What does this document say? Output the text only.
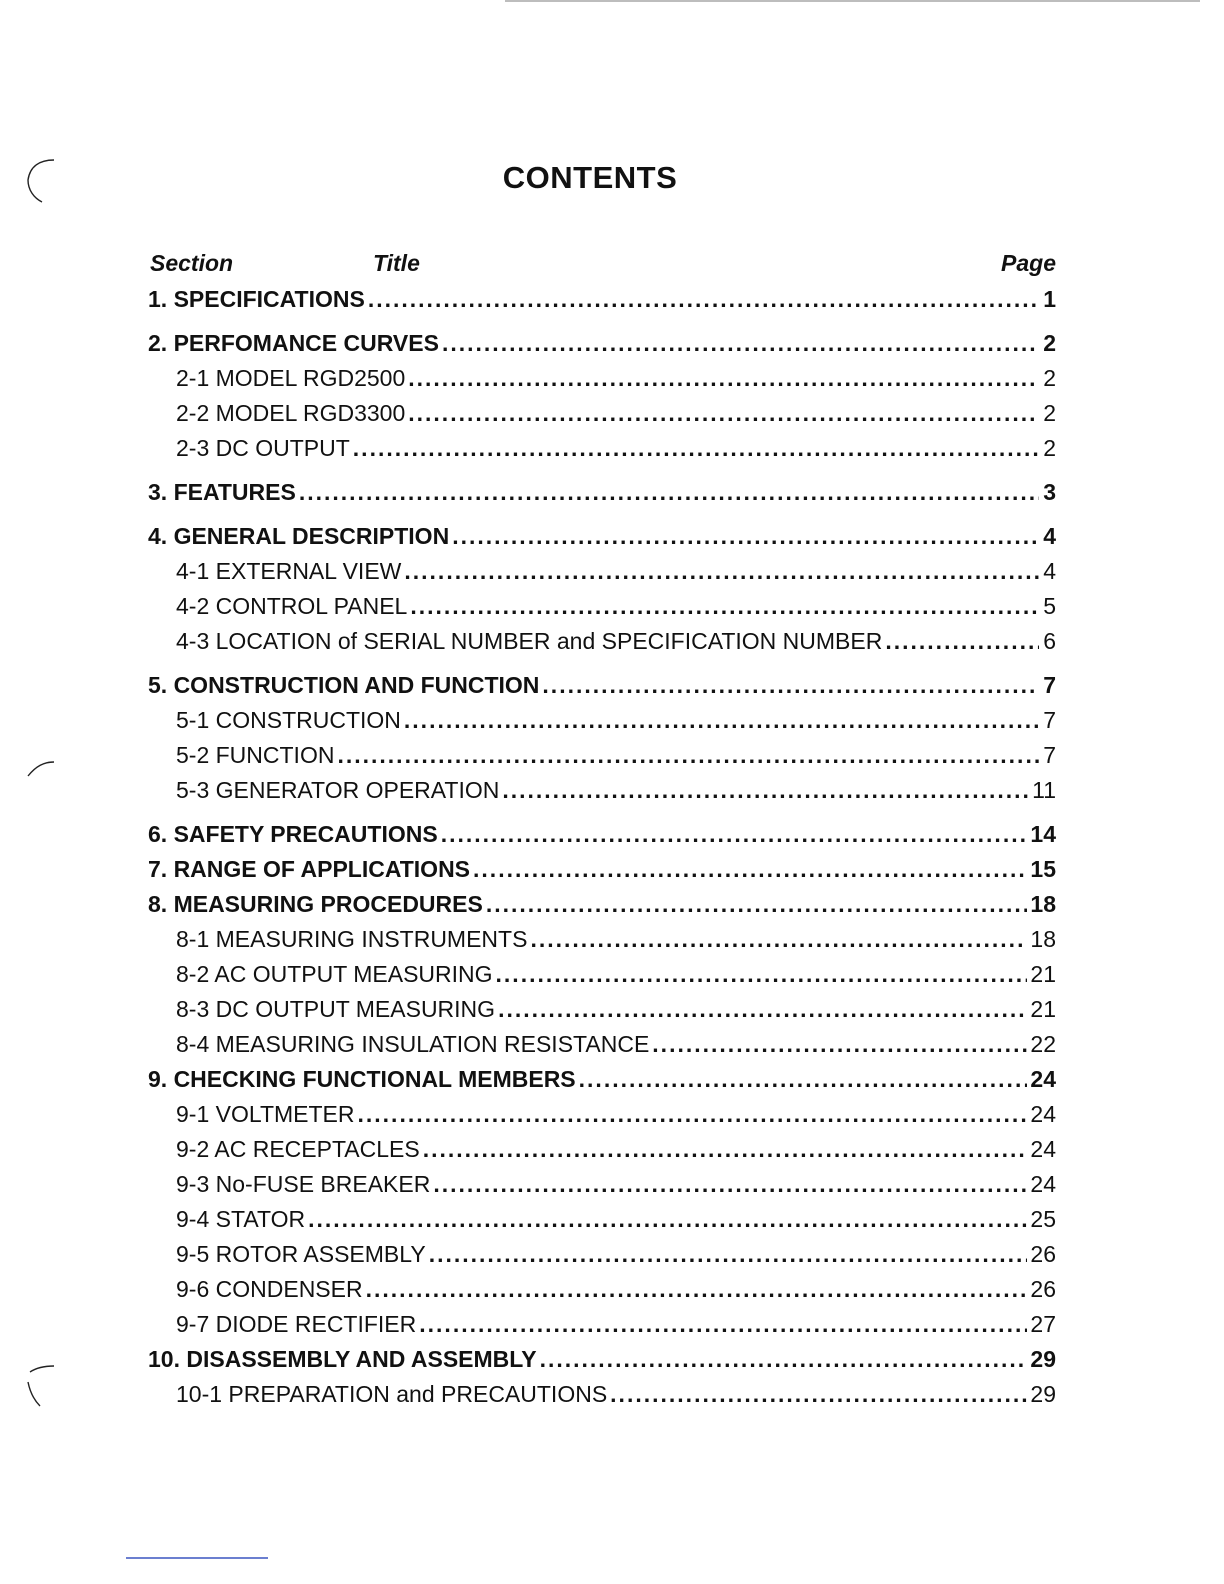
CONTENTS
Section	Title	Page
1. SPECIFICATIONS .....	1
2. PERFOMANCE CURVES .....	2
2-1 MODEL RGD2500 .....	2
2-2 MODEL RGD3300 .....	2
2-3 DC OUTPUT .....	2
3. FEATURES .....	3
4. GENERAL DESCRIPTION .....	4
4-1 EXTERNAL VIEW .....	4
4-2 CONTROL PANEL .....	5
4-3 LOCATION of SERIAL NUMBER and SPECIFICATION NUMBER .....	6
5. CONSTRUCTION AND FUNCTION .....	7
5-1 CONSTRUCTION .....	7
5-2 FUNCTION .....	7
5-3 GENERATOR OPERATION .....	11
6. SAFETY PRECAUTIONS .....	14
7. RANGE OF APPLICATIONS .....	15
8. MEASURING PROCEDURES .....	18
8-1 MEASURING INSTRUMENTS .....	18
8-2 AC OUTPUT MEASURING .....	21
8-3 DC OUTPUT MEASURING .....	21
8-4 MEASURING INSULATION RESISTANCE .....	22
9. CHECKING FUNCTIONAL MEMBERS .....	24
9-1 VOLTMETER .....	24
9-2 AC RECEPTACLES .....	24
9-3 No-FUSE BREAKER .....	24
9-4 STATOR .....	25
9-5 ROTOR ASSEMBLY .....	26
9-6 CONDENSER .....	26
9-7 DIODE RECTIFIER .....	27
10. DISASSEMBLY AND ASSEMBLY .....	29
10-1 PREPARATION and PRECAUTIONS .....	29
